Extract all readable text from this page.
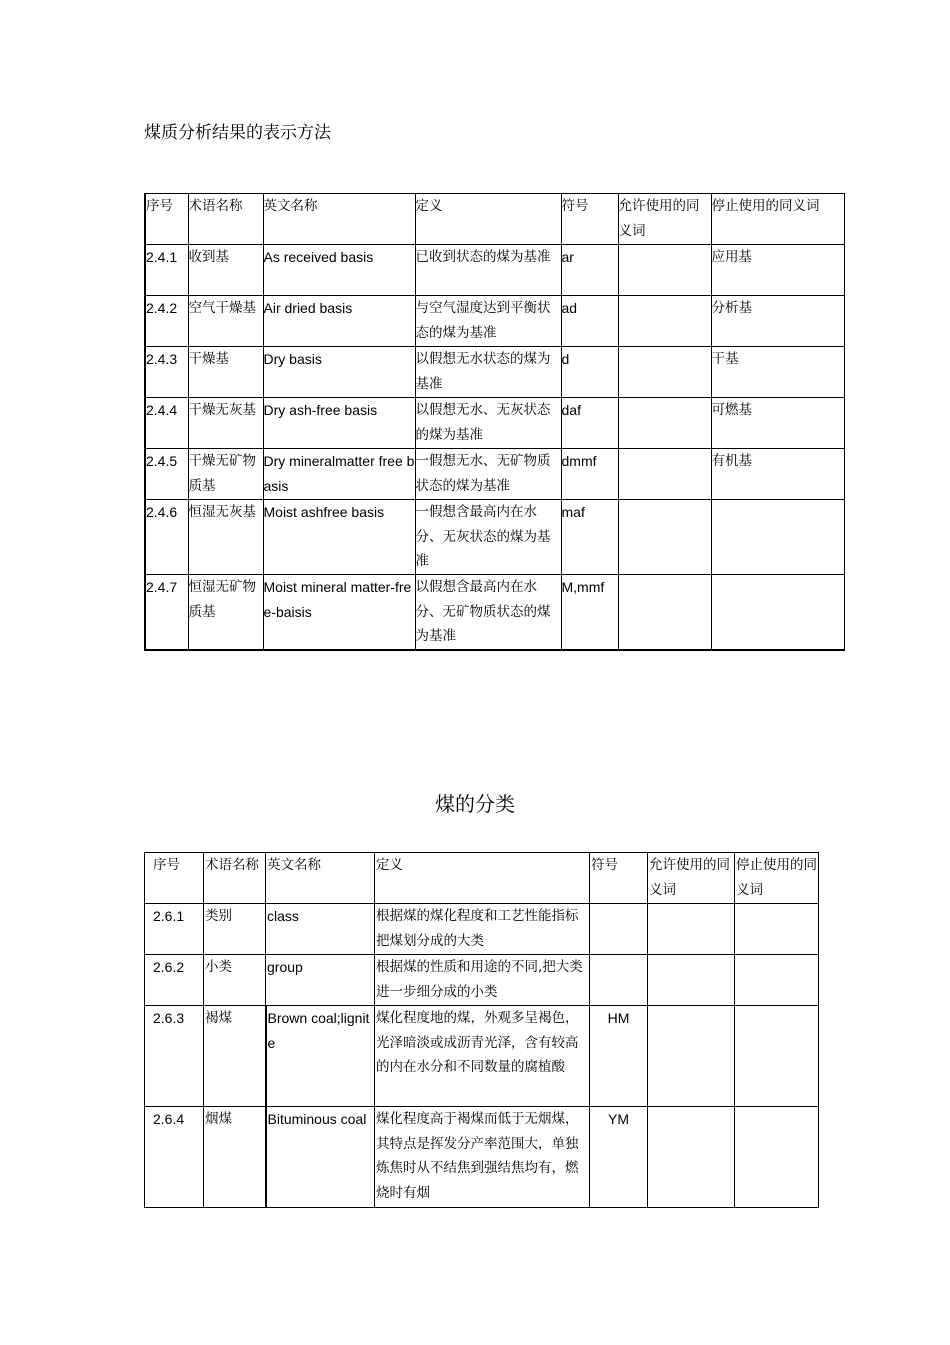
煤质分析结果的表示方法
序号	术语名称	英文名称	定义	符号	允许使用的同义词	停止使用的同义词
2.4.1	收到基	As received basis	已收到状态的煤为基准	ar		应用基
2.4.2	空气干燥基	Air dried basis	与空气湿度达到平衡状态的煤为基准	ad		分析基
2.4.3	干燥基	Dry basis	以假想无水状态的煤为基准	d		干基
2.4.4	干燥无灰基	Dry ash-free basis	以假想无水、无灰状态的煤为基准	daf		可燃基
2.4.5	干燥无矿物质基	Dry mineralmatter free basis	一假想无水、无矿物质状态的煤为基准	dmmf		有机基
2.4.6	恒湿无灰基	Moist ashfree basis	一假想含最高内在水分、无灰状态的煤为基准	maf		
2.4.7	恒湿无矿物质基	Moist mineral matter-free-baisis	以假想含最高内在水分、无矿物质状态的煤为基准	M,mmf		
煤的分类
序号	术语名称	英文名称	定义	符号	允许使用的同义词	停止使用的同义词
2.6.1	类别	class	根据煤的煤化程度和工艺性能指标把煤划分成的大类			
2.6.2	小类	group	根据煤的性质和用途的不同,把大类进一步细分成的小类			
2.6.3	褐煤	Brown coal;lignite	煤化程度地的煤，外观多呈褐色，光泽暗淡或成沥青光泽，含有较高的内在水分和不同数量的腐植酸	HM		
2.6.4	烟煤	Bituminous coal	煤化程度高于褐煤而低于无烟煤，其特点是挥发分产率范围大，单独炼焦时从不结焦到强结焦均有，燃烧时有烟	YM		
